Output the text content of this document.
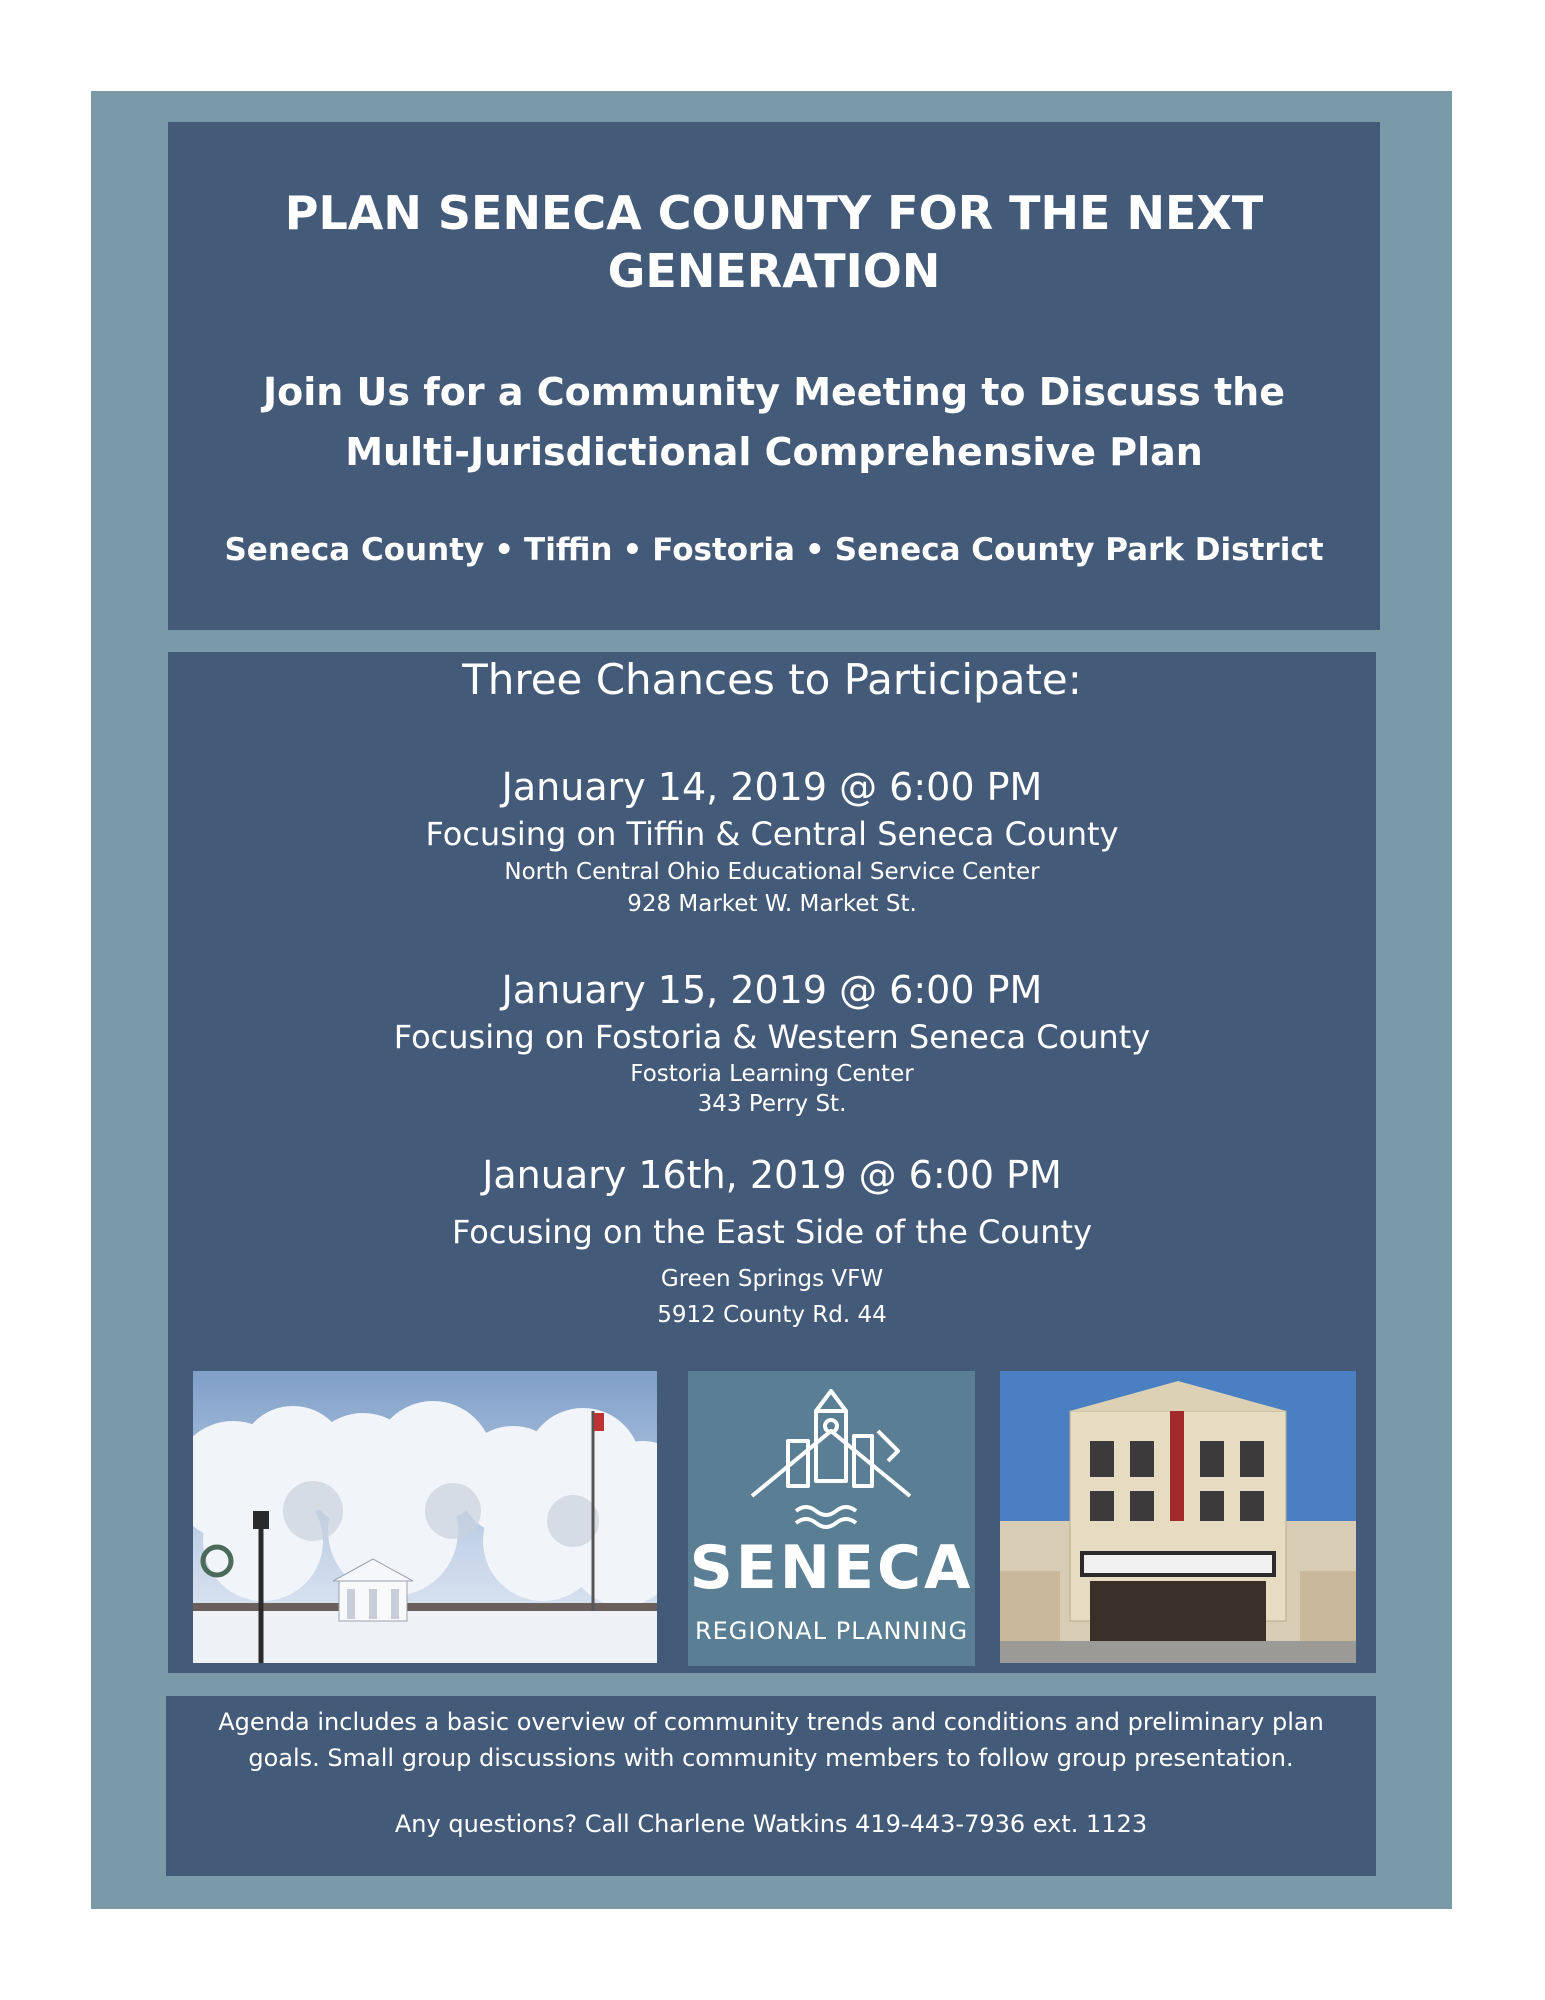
PLAN SENECA COUNTY FOR THE NEXT GENERATION
Join Us for a Community Meeting to Discuss the Multi-Jurisdictional Comprehensive Plan
Seneca County • Tiffin • Fostoria • Seneca County Park District
Three Chances to Participate:
January 14, 2019 @ 6:00 PM
Focusing on Tiffin & Central Seneca County
North Central Ohio Educational Service Center
928 Market W. Market St.
January 15, 2019 @ 6:00 PM
Focusing on Fostoria & Western Seneca County
Fostoria Learning Center
343 Perry St.
January 16th, 2019 @ 6:00 PM
Focusing on the East Side of the County
Green Springs VFW
5912 County Rd. 44
SENECA
REGIONAL PLANNING
Agenda includes a basic overview of community trends and conditions and preliminary plan goals. Small group discussions with community members to follow group presentation.
Any questions? Call Charlene Watkins 419-443-7936 ext. 1123
